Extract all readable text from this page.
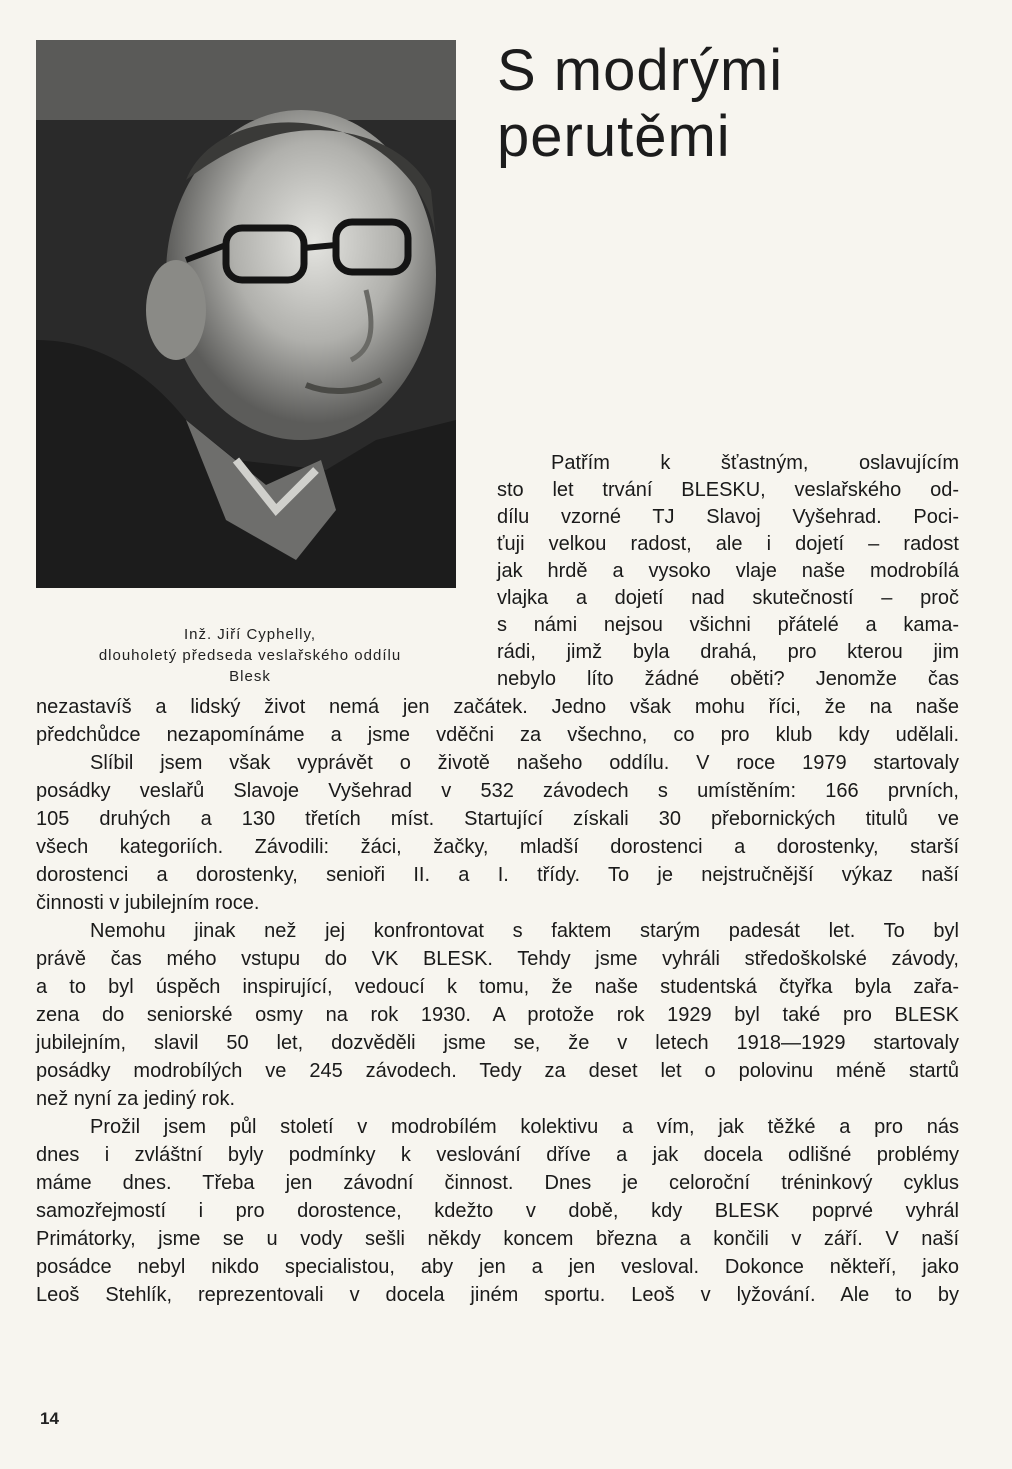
S modrými
perutěmi
Inž. Jiří Cyphelly,
dlouholetý předseda veslařského oddílu
Blesk
Patřím k šťastným, oslavujícím
sto let trvání BLESKU, veslařského od-
dílu vzorné TJ Slavoj Vyšehrad. Poci-
ťuji velkou radost, ale i dojetí – radost
jak hrdě a vysoko vlaje naše modrobílá
vlajka a dojetí nad skutečností – proč
s námi nejsou všichni přátelé a kama-
rádi, jimž byla drahá, pro kterou jim
nebylo líto žádné oběti? Jenomže čas
nezastavíš a lidský život nemá jen začátek. Jedno však mohu říci, že na naše
předchůdce nezapomínáme a jsme vděčni za všechno, co pro klub kdy udělali.
Slíbil jsem však vyprávět o životě našeho oddílu. V roce 1979 startovaly
posádky veslařů Slavoje Vyšehrad v 532 závodech s umístěním: 166 prvních,
105 druhých a 130 třetích míst. Startující získali 30 přebornických titulů ve
všech kategoriích. Závodili: žáci, žačky, mladší dorostenci a dorostenky, starší
dorostenci a dorostenky, senioři II. a I. třídy. To je nejstručnější výkaz naší
činnosti v jubilejním roce.
Nemohu jinak než jej konfrontovat s faktem starým padesát let. To byl
právě čas mého vstupu do VK BLESK. Tehdy jsme vyhráli středoškolské závody,
a to byl úspěch inspirující, vedoucí k tomu, že naše studentská čtyřka byla zařa-
zena do seniorské osmy na rok 1930. A protože rok 1929 byl také pro BLESK
jubilejním, slavil 50 let, dozvěděli jsme se, že v letech 1918—1929 startovaly
posádky modrobílých ve 245 závodech. Tedy za deset let o polovinu méně startů
než nyní za jediný rok.
Prožil jsem půl století v modrobílém kolektivu a vím, jak těžké a pro nás
dnes i zvláštní byly podmínky k veslování dříve a jak docela odlišné problémy
máme dnes. Třeba jen závodní činnost. Dnes je celoroční tréninkový cyklus
samozřejmostí i pro dorostence, kdežto v době, kdy BLESK poprvé vyhrál
Primátorky, jsme se u vody sešli někdy koncem března a končili v září. V naší
posádce nebyl nikdo specialistou, aby jen a jen vesloval. Dokonce někteří, jako
Leoš Stehlík, reprezentovali v docela jiném sportu. Leoš v lyžování. Ale to by
14
